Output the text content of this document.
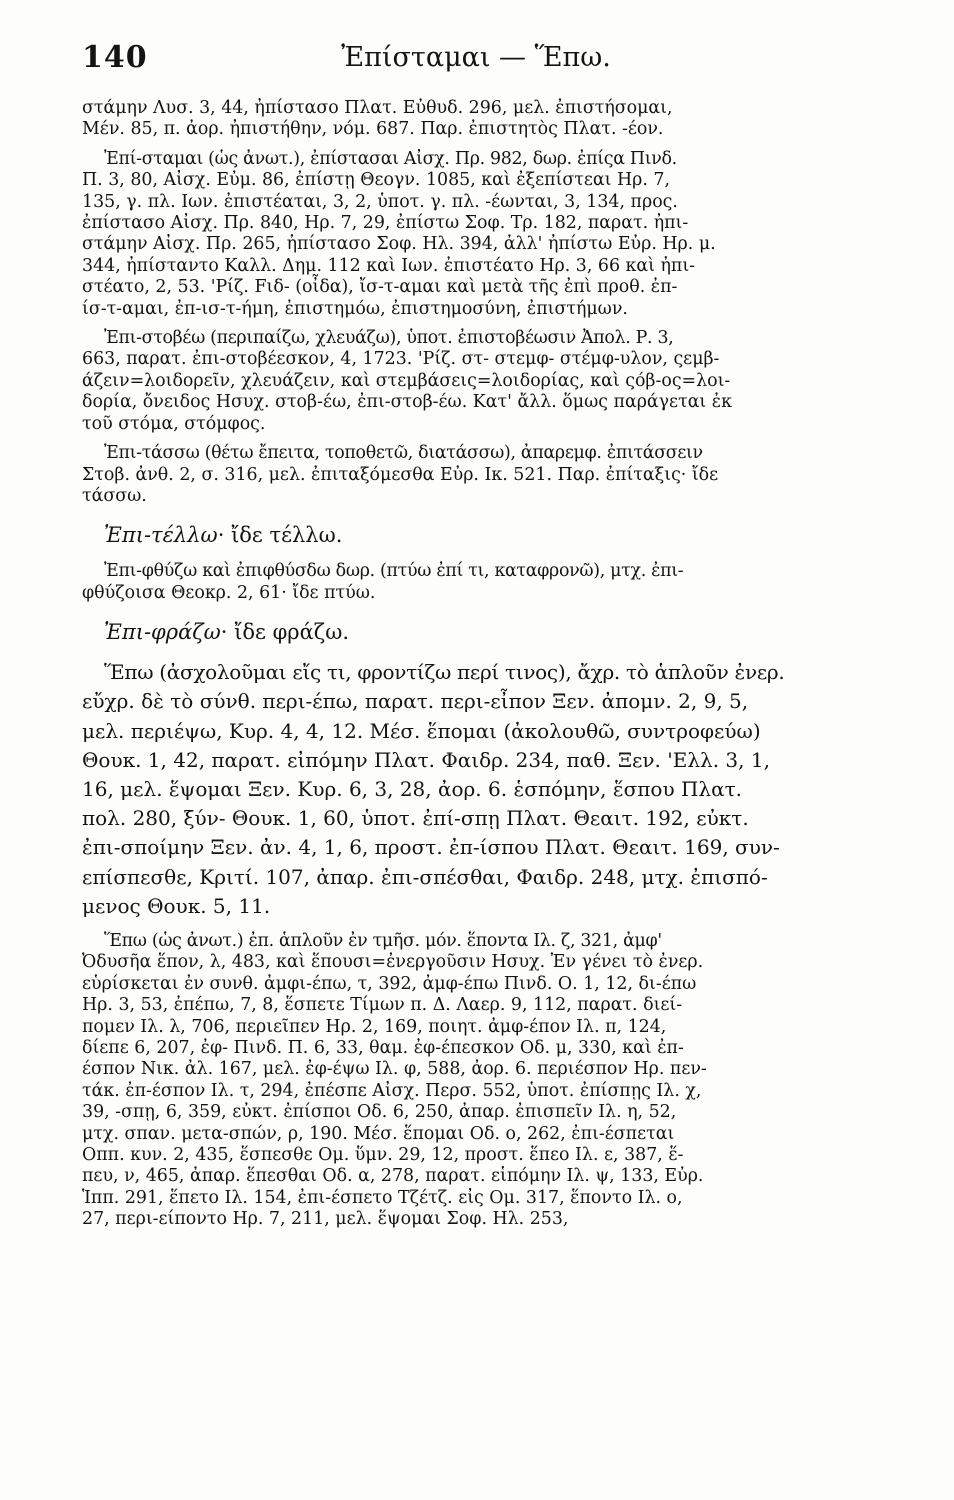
140	Ἐπίσταμαι — Ἕπω.
στάμην Λυσ. 3, 44, ἠπίστασο Πλατ. Εὐθυδ. 296, μελ. ἐπιστήσομαι,
Μέν. 85, π. ἀορ. ἠπιστήθην, νόμ. 687. Παρ. ἐπιστητὸς Πλατ. -έον.
Ἐπί-σταμαι (ὡς ἀνωτ.), ἐπίστασαι Αἰσχ. Πρ. 982, δωρ. ἐπίςα Πινδ.
Π. 3, 80, Αἰσχ. Εὐμ. 86, ἐπίστῃ Θεογν. 1085, καὶ ἐξεπίστεαι Ηρ. 7,
135, γ. πλ. Ιων. ἐπιστέαται, 3, 2, ὑποτ. γ. πλ. -έωνται, 3, 134, προς.
ἐπίστασο Αἰσχ. Πρ. 840, Ηρ. 7, 29, ἐπίστω Σοφ. Τρ. 182, παρατ. ἠπι-
στάμην Αἰσχ. Πρ. 265, ἠπίστασο Σοφ. Ηλ. 394, ἀλλ' ἠπίστω Εὐρ. Ηρ. μ.
344, ἠπίσταντο Καλλ. Δημ. 112 καὶ Ιων. ἐπιστέατο Ηρ. 3, 66 καὶ ἠπι-
στέατο, 2, 53. 'Ρίζ. Fιδ- (οἶδα), ἴσ-τ-αμαι καὶ μετὰ τῆς ἐπὶ προθ. ἐπ-
ίσ-τ-αμαι, ἐπ-ισ-τ-ήμη, ἐπιστημόω, ἐπιστημοσύνη, ἐπιστήμων.
Ἐπι-στοβέω (περιπαίζω, χλευάζω), ὑποτ. ἐπιστοβέωσιν Ἀπολ. Ρ. 3,
663, παρατ. ἐπι-στοβέεσκον, 4, 1723. 'Ρίζ. στ- στεμφ- στέμφ-υλον, ςεμβ-
άζειν=λοιδορεῖν, χλευάζειν, καὶ στεμβάσεις=λοιδορίας, καὶ ςόβ-ος=λοι-
δορία, ὄνειδος Ησυχ. στοβ-έω, ἐπι-στοβ-έω. Κατ' ἄλλ. ὅμως παράγεται ἐκ
τοῦ στόμα, στόμφος.
Ἐπι-τάσσω (θέτω ἔπειτα, τοποθετῶ, διατάσσω), ἀπαρεμφ. ἐπιτάσσειν
Στοβ. ἀνθ. 2, σ. 316, μελ. ἐπιταξόμεσθα Εὐρ. Ικ. 521. Παρ. ἐπίταξις· ἴδε
τάσσω.
Ἐπι-τέλλω· ἴδε τέλλω.
Ἐπι-φθύζω καὶ ἐπιφθύσδω δωρ. (πτύω ἐπί τι, καταφρονῶ), μτχ. ἐπι-
φθύζοισα Θεοκρ. 2, 61· ἴδε πτύω.
Ἐπι-φράζω· ἴδε φράζω.
Ἕπω (ἀσχολοῦμαι εἴς τι, φροντίζω περί τινος), ἄχρ. τὸ ἁπλοῦν ἐνερ.
εὔχρ. δὲ τὸ σύνθ. περι-έπω, παρατ. περι-εἶπον Ξεν. ἀπομν. 2, 9, 5,
μελ. περιέψω, Κυρ. 4, 4, 12. Μέσ. ἕπομαι (ἀκολουθῶ, συντροφεύω)
Θουκ. 1, 42, παρατ. εἰπόμην Πλατ. Φαιδρ. 234, παθ. Ξεν. 'Ελλ. 3, 1,
16, μελ. ἕψομαι Ξεν. Κυρ. 6, 3, 28, ἀορ. 6. ἑσπόμην, ἕσπου Πλατ.
πολ. 280, ξύν- Θουκ. 1, 60, ὑποτ. ἐπί-σπῃ Πλατ. Θεαιτ. 192, εὐκτ.
ἐπι-σποίμην Ξεν. ἀν. 4, 1, 6, προστ. ἐπ-ίσπου Πλατ. Θεαιτ. 169, συν-
επίσπεσθε, Κριτί. 107, ἀπαρ. ἐπι-σπέσθαι, Φαιδρ. 248, μτχ. ἐπισπό-
μενος Θουκ. 5, 11.
Ἕπω (ὡς ἀνωτ.) ἐπ. ἁπλοῦν ἐν τμῆσ. μόν. ἕποντα Ιλ. ζ, 321, ἀμφ'
Ὀδυσῆα ἕπον, λ, 483, καὶ ἕπουσι=ἐνεργοῦσιν Ησυχ. Ἐν γένει τὸ ἐνερ.
εὑρίσκεται ἐν συνθ. ἀμφι-έπω, τ, 392, ἀμφ-έπω Πινδ. Ο. 1, 12, δι-έπω
Ηρ. 3, 53, ἐπέπω, 7, 8, ἕσπετε Τίμων π. Δ. Λαερ. 9, 112, παρατ. διεί-
πομεν Ιλ. λ, 706, περιεῖπεν Ηρ. 2, 169, ποιητ. ἀμφ-έπον Ιλ. π, 124,
δίεπε 6, 207, ἐφ- Πινδ. Π. 6, 33, θαμ. ἐφ-έπεσκον Οδ. μ, 330, καὶ ἐπ-
έσπον Νικ. ἀλ. 167, μελ. ἐφ-έψω Ιλ. φ, 588, ἀορ. 6. περιέσπον Ηρ. πεν-
τάκ. ἐπ-έσπον Ιλ. τ, 294, ἐπέσπε Αἰσχ. Περσ. 552, ὑποτ. ἐπίσπῃς Ιλ. χ,
39, -σπῃ, 6, 359, εὐκτ. ἐπίσποι Οδ. 6, 250, ἀπαρ. ἐπισπεῖν Ιλ. η, 52,
μτχ. σπαν. μετα-σπών, ρ, 190. Μέσ. ἕπομαι Οδ. ο, 262, ἐπι-έσπεται
Οππ. κυν. 2, 435, ἕσπεσθε Ομ. ὕμν. 29, 12, προστ. ἕπεο Ιλ. ε, 387, ἕ-
πευ, ν, 465, ἀπαρ. ἕπεσθαι Οδ. α, 278, παρατ. εἱπόμην Ιλ. ψ, 133, Εὐρ.
Ἱππ. 291, ἕπετο Ιλ. 154, ἐπι-έσπετο Τζέτζ. εἰς Ομ. 317, ἕποντο Ιλ. ο,
27, περι-είποντο Ηρ. 7, 211, μελ. ἕψομαι Σοφ. Ηλ. 253,
